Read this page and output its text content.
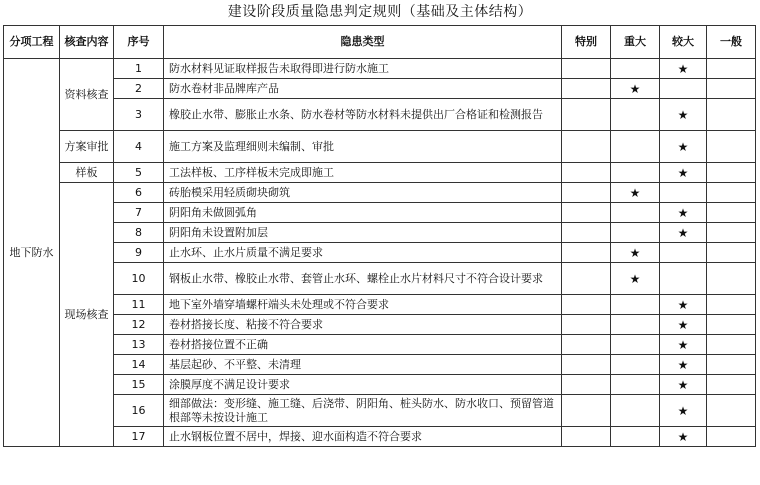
建设阶段质量隐患判定规则（基础及主体结构）
分项工程	核查内容	序号	隐患类型	特别	重大	较大	一般
地下防水	资料核查	1	防水材料见证取样报告未取得即进行防水施工			★	
		2	防水卷材非品牌库产品		★		
		3	橡胶止水带、膨胀止水条、防水卷材等防水材料未提供出厂合格证和检测报告			★	
	方案审批	4	施工方案及监理细则未编制、审批			★	
	样板	5	工法样板、工序样板未完成即施工			★	
	现场核查	6	砖胎模采用轻质砌块砌筑		★		
		7	阴阳角未做圆弧角			★	
		8	阴阳角未设置附加层			★	
		9	止水环、止水片质量不满足要求		★		
		10	钢板止水带、橡胶止水带、套管止水环、螺栓止水片材料尺寸不符合设计要求		★		
		11	地下室外墙穿墙螺杆端头未处理或不符合要求			★	
		12	卷材搭接长度、粘接不符合要求			★	
		13	卷材搭接位置不正确			★	
		14	基层起砂、不平整、未清理			★	
		15	涂膜厚度不满足设计要求			★	
		16	细部做法：变形缝、施工缝、后浇带、阴阳角、桩头防水、防水收口、预留管道根部等未按设计施工			★	
		17	止水钢板位置不居中，焊接、迎水面构造不符合要求			★	
